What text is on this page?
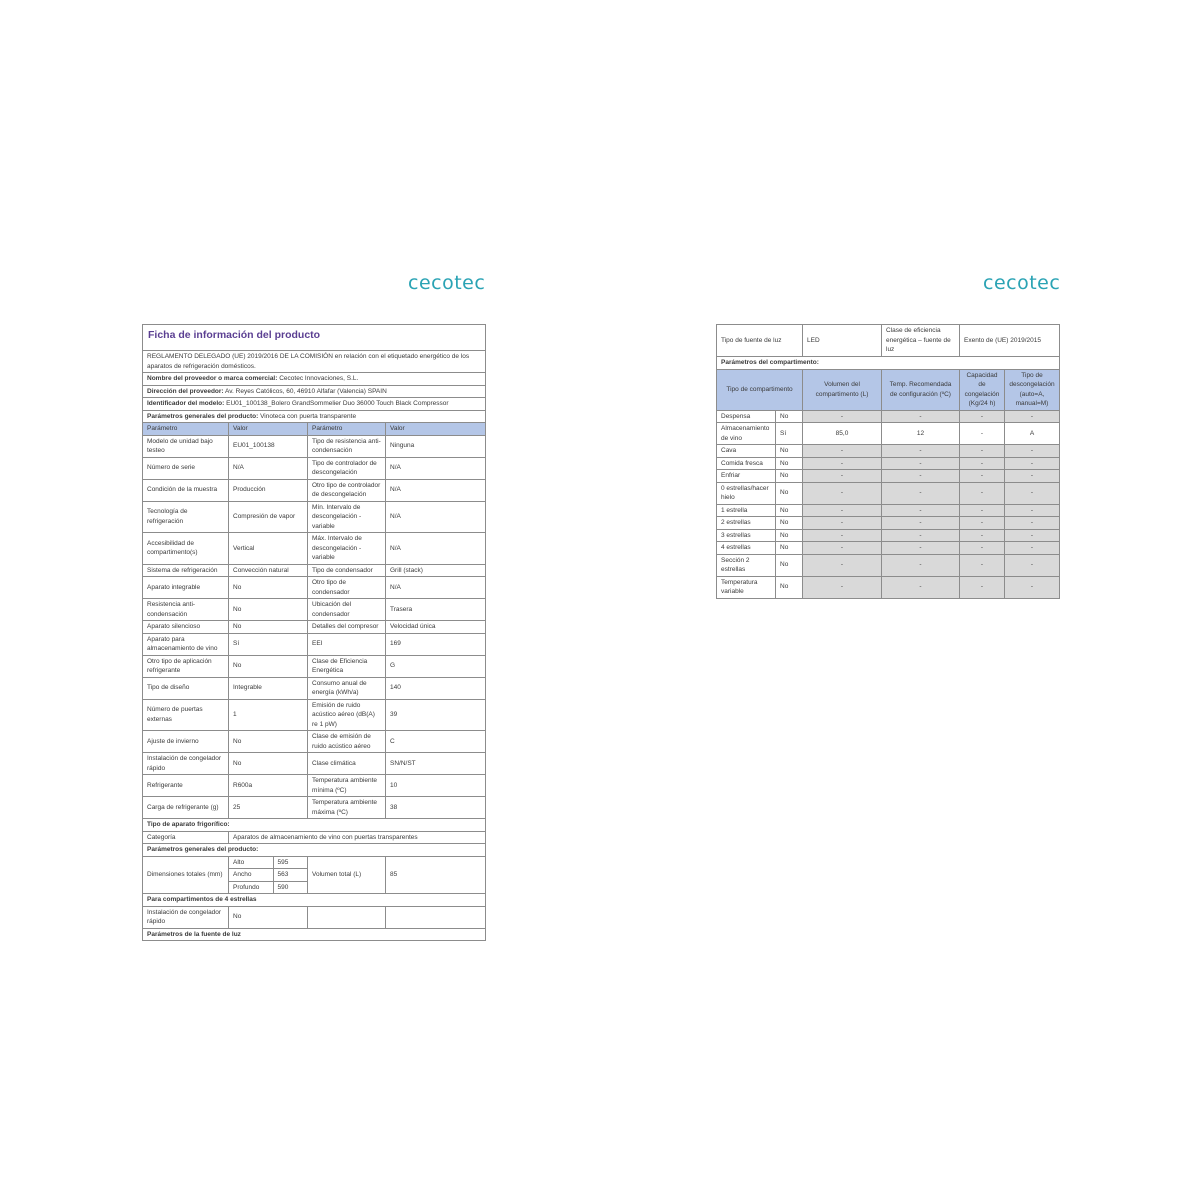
cecotec	cecotec
Ficha de información del producto
REGLAMENTO DELEGADO (UE) 2019/2016 DE LA COMISIÓN en relación con el etiquetado energético de los aparatos de refrigeración domésticos.
Nombre del proveedor o marca comercial: Cecotec Innovaciones, S.L.
Dirección del proveedor: Av. Reyes Católicos, 60, 46910 Alfafar (Valencia) SPAIN
Identificador del modelo: EU01_100138_Bolero GrandSommelier Duo 36000 Touch Black Compressor
Parámetros generales del producto: Vinoteca con puerta transparente
Parámetro	Valor	Parámetro	Valor
Modelo de unidad bajo testeo	EU01_100138	Tipo de resistencia anti-condensación	Ninguna
Número de serie	N/A	Tipo de controlador de descongelación	N/A
Condición de la muestra	Producción	Otro tipo de controlador de descongelación	N/A
Tecnología de refrigeración	Compresión de vapor	Mín. Intervalo de descongelación - variable	N/A
Accesibilidad de compartimento(s)	Vertical	Máx. Intervalo de descongelación - variable	N/A
Sistema de refrigeración	Convección natural	Tipo de condensador	Grill (stack)
Aparato integrable	No	Otro tipo de condensador	N/A
Resistencia anti-condensación	No	Ubicación del condensador	Trasera
Aparato silencioso	No	Detalles del compresor	Velocidad única
Aparato para almacenamiento de vino	Sí	EEI	169
Otro tipo de aplicación refrigerante	No	Clase de Eficiencia Energética	G
Tipo de diseño	Integrable	Consumo anual de energía (kWh/a)	140
Número de puertas externas	1	Emisión de ruido acústico aéreo (dB(A) re 1 pW)	39
Ajuste de invierno	No	Clase de emisión de ruido acústico aéreo	C
Instalación de congelador rápido	No	Clase climática	SN/N/ST
Refrigerante	R600a	Temperatura ambiente mínima (ºC)	10
Carga de refrigerante (g)	25	Temperatura ambiente máxima (ºC)	38
Tipo de aparato frigorífico:
Categoría	Aparatos de almacenamiento de vino con puertas transparentes
Parámetros generales del producto:
Dimensiones totales (mm)	
Alto	595
Ancho	563
Profundo	590
	Volumen total (L)	85
Para compartimentos de 4 estrellas
Instalación de congelador rápido	No		
Parámetros de la fuente de luz
Tipo de fuente de luz		LED	Clase de eficiencia energética – fuente de luz	Exento de (UE) 2019/2015	
Parámetros del compartimento:					
Tipo de compartimento		Volumen del compartimento (L)	Temp. Recomendada de configuración (ºC)	Capacidad de congelación (Kg/24 h)	Tipo de descongelación (auto=A, manual=M)
Despensa	No	-	-	-	-
Almacenamiento de vino	Sí	85,0	12	-	A
Cava	No	-	-	-	-
Comida fresca	No	-	-	-	-
Enfriar	No	-	-	-	-
0 estrellas/hacer hielo	No	-	-	-	-
1 estrella	No	-	-	-	-
2 estrellas	No	-	-	-	-
3 estrellas	No	-	-	-	-
4 estrellas	No	-	-	-	-
Sección 2 estrellas	No	-	-	-	-
Temperatura variable	No	-	-	-	-
